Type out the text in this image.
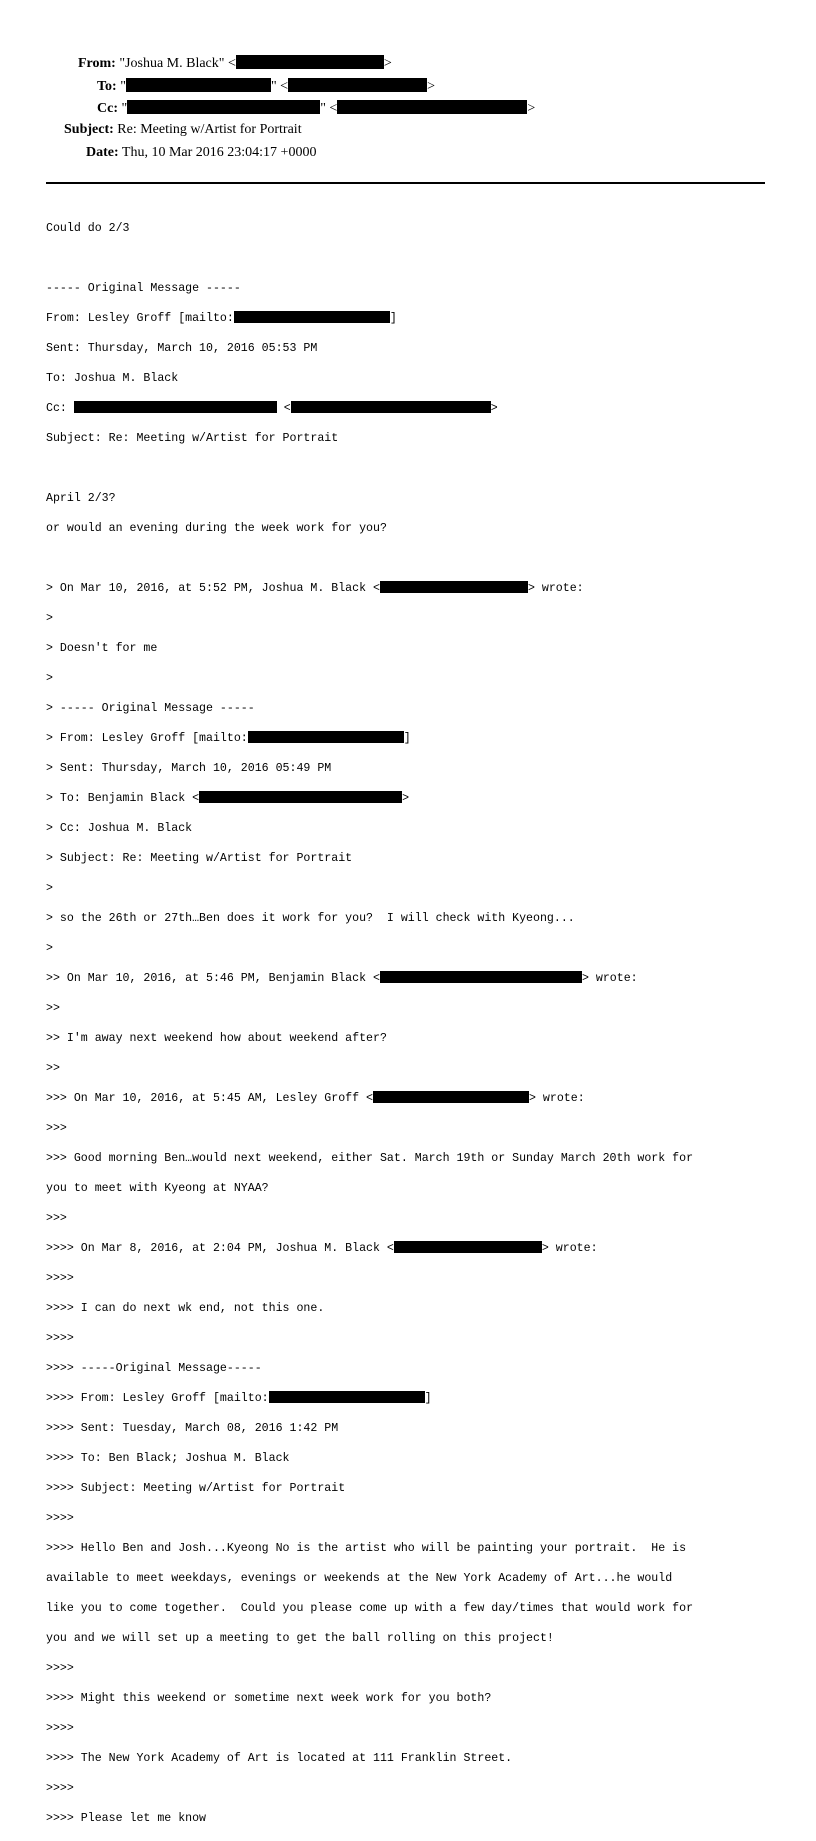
From: "Joshua M. Black" <	>
To: "	" <	>
Cc: "	" <	>
Subject: Re: Meeting w/Artist for Portrait
Date: Thu, 10 Mar 2016 23:04:17 +0000

Could do 2/3

----- Original Message -----

From: Lesley Groff [mailto:	]

Sent: Thursday, March 10, 2016 05:53 PM

To: Joshua M. Black

Cc:	<	>

Subject: Re: Meeting w/Artist for Portrait

April 2/3?

or would an evening during the week work for you?

> On Mar 10, 2016, at 5:52 PM, Joshua M. Black <	> wrote:

>

> Doesn't for me

>

> ----- Original Message -----

> From: Lesley Groff [mailto:	]

> Sent: Thursday, March 10, 2016 05:49 PM

> To: Benjamin Black <	>

> Cc: Joshua M. Black

> Subject: Re: Meeting w/Artist for Portrait

>

> so the 26th or 27th…Ben does it work for you?  I will check with Kyeong...

>

>> On Mar 10, 2016, at 5:46 PM, Benjamin Black <	> wrote:

>>

>> I'm away next weekend how about weekend after?

>>

>>> On Mar 10, 2016, at 5:45 AM, Lesley Groff <	> wrote:

>>>

>>> Good morning Ben…would next weekend, either Sat. March 19th or Sunday March 20th work for

you to meet with Kyeong at NYAA?

>>>

>>>> On Mar 8, 2016, at 2:04 PM, Joshua M. Black <	> wrote:

>>>>

>>>> I can do next wk end, not this one.

>>>>

>>>> -----Original Message-----

>>>> From: Lesley Groff [mailto:	]

>>>> Sent: Tuesday, March 08, 2016 1:42 PM

>>>> To: Ben Black; Joshua M. Black

>>>> Subject: Meeting w/Artist for Portrait

>>>>

>>>> Hello Ben and Josh...Kyeong No is the artist who will be painting your portrait.  He is

available to meet weekdays, evenings or weekends at the New York Academy of Art...he would

like you to come together.  Could you please come up with a few day/times that would work for

you and we will set up a meeting to get the ball rolling on this project!

>>>>

>>>> Might this weekend or sometime next week work for you both?

>>>>

>>>> The New York Academy of Art is located at 111 Franklin Street.

>>>>

>>>> Please let me know
